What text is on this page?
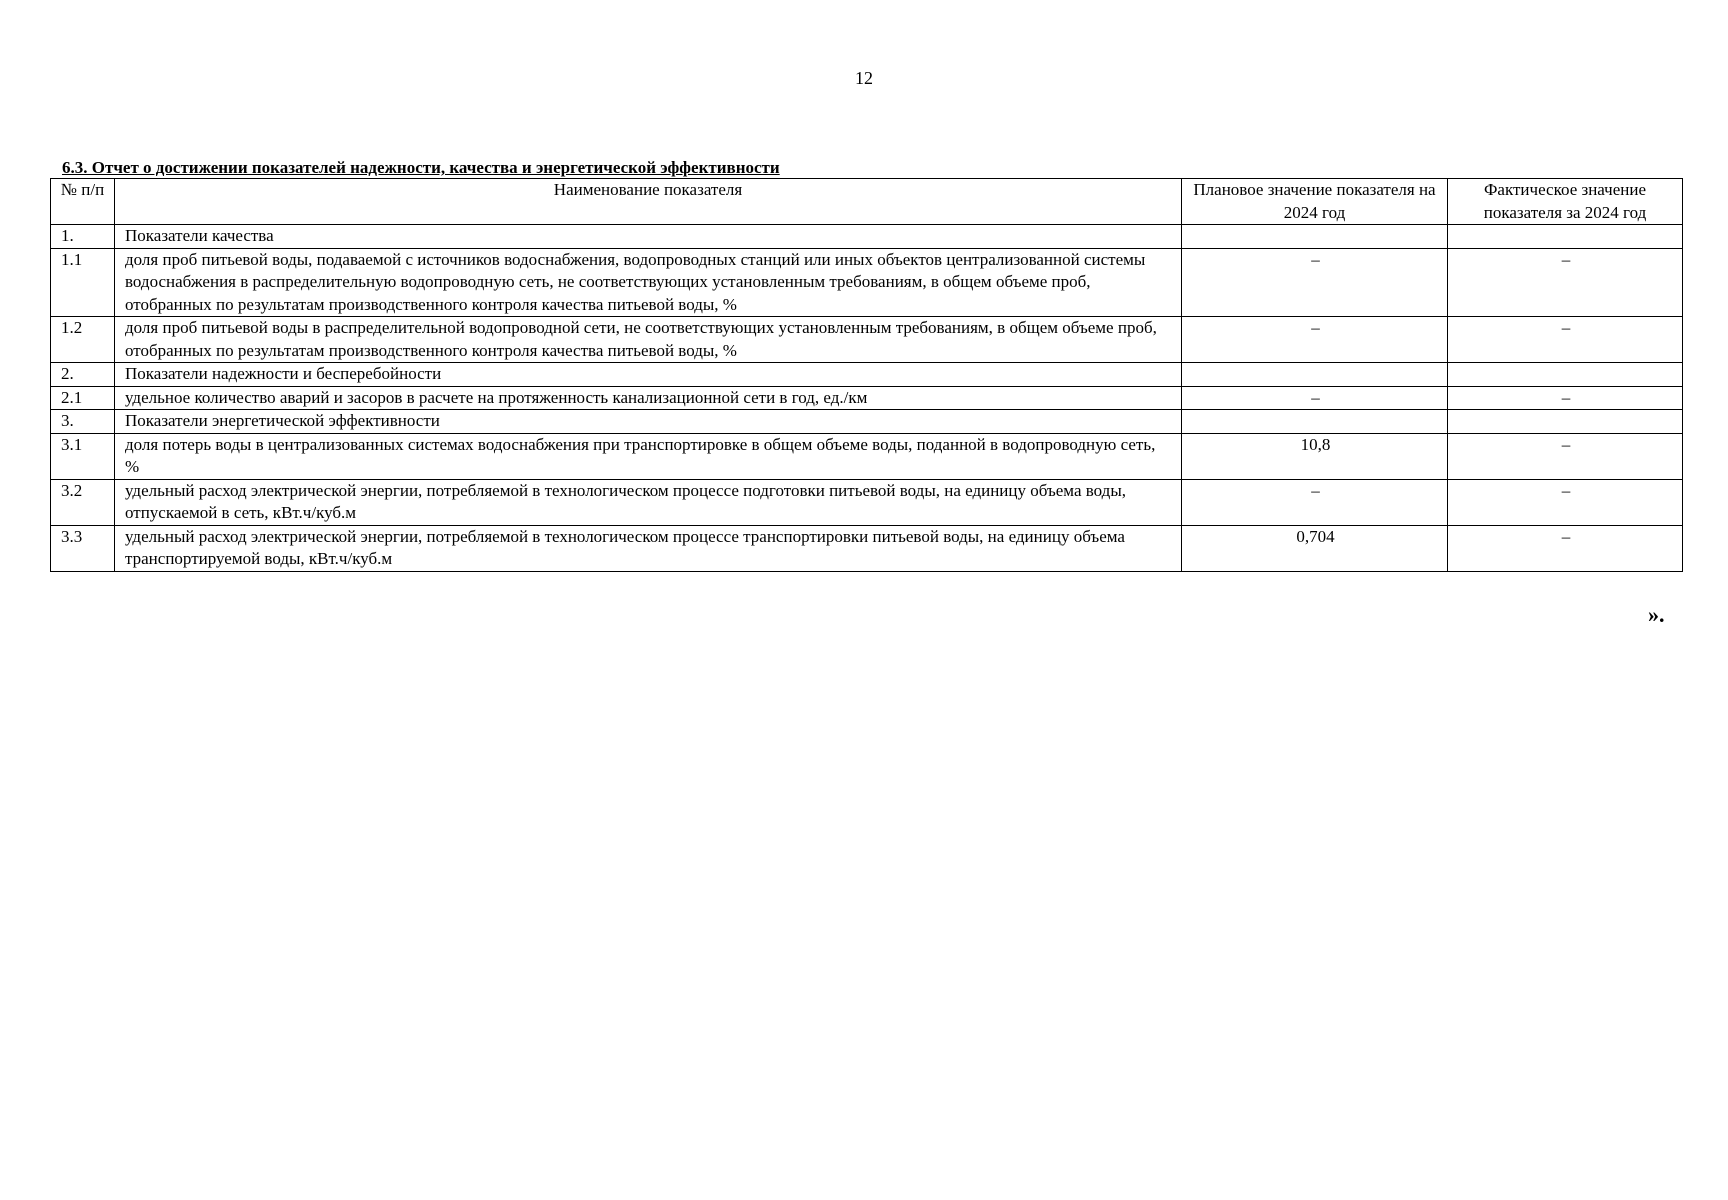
12
6.3. Отчет о достижении показателей надежности, качества и энергетической эффективности
№ п/п	Наименование показателя	Плановое значение показателя на 2024 год	Фактическое значение показателя за 2024 год
1.	Показатели качества		
1.1	доля проб питьевой воды, подаваемой с источников водоснабжения, водопроводных станций или иных объектов централизованной системы водоснабжения в распределительную водопроводную сеть, не соответствующих установленным требованиям, в общем объеме проб, отобранных по результатам производственного контроля качества питьевой воды, %	–	–
1.2	доля проб питьевой воды в распределительной водопроводной сети, не соответствующих установленным требованиям, в общем объеме проб, отобранных по результатам производственного контроля качества питьевой воды, %	–	–
2.	Показатели надежности и бесперебойности		
2.1	удельное количество аварий и засоров в расчете на протяженность канализационной сети в год, ед./км	–	–
3.	Показатели энергетической эффективности		
3.1	доля потерь воды в централизованных системах водоснабжения при транспортировке в общем объеме воды, поданной в водопроводную сеть, %	10,8	–
3.2	удельный расход электрической энергии, потребляемой в технологическом процессе подготовки питьевой воды, на единицу объема воды, отпускаемой в сеть, кВт.ч/куб.м	–	–
3.3	удельный расход электрической энергии, потребляемой в технологическом процессе транспортировки питьевой воды, на единицу объема транспортируемой воды, кВт.ч/куб.м	0,704	–
».
